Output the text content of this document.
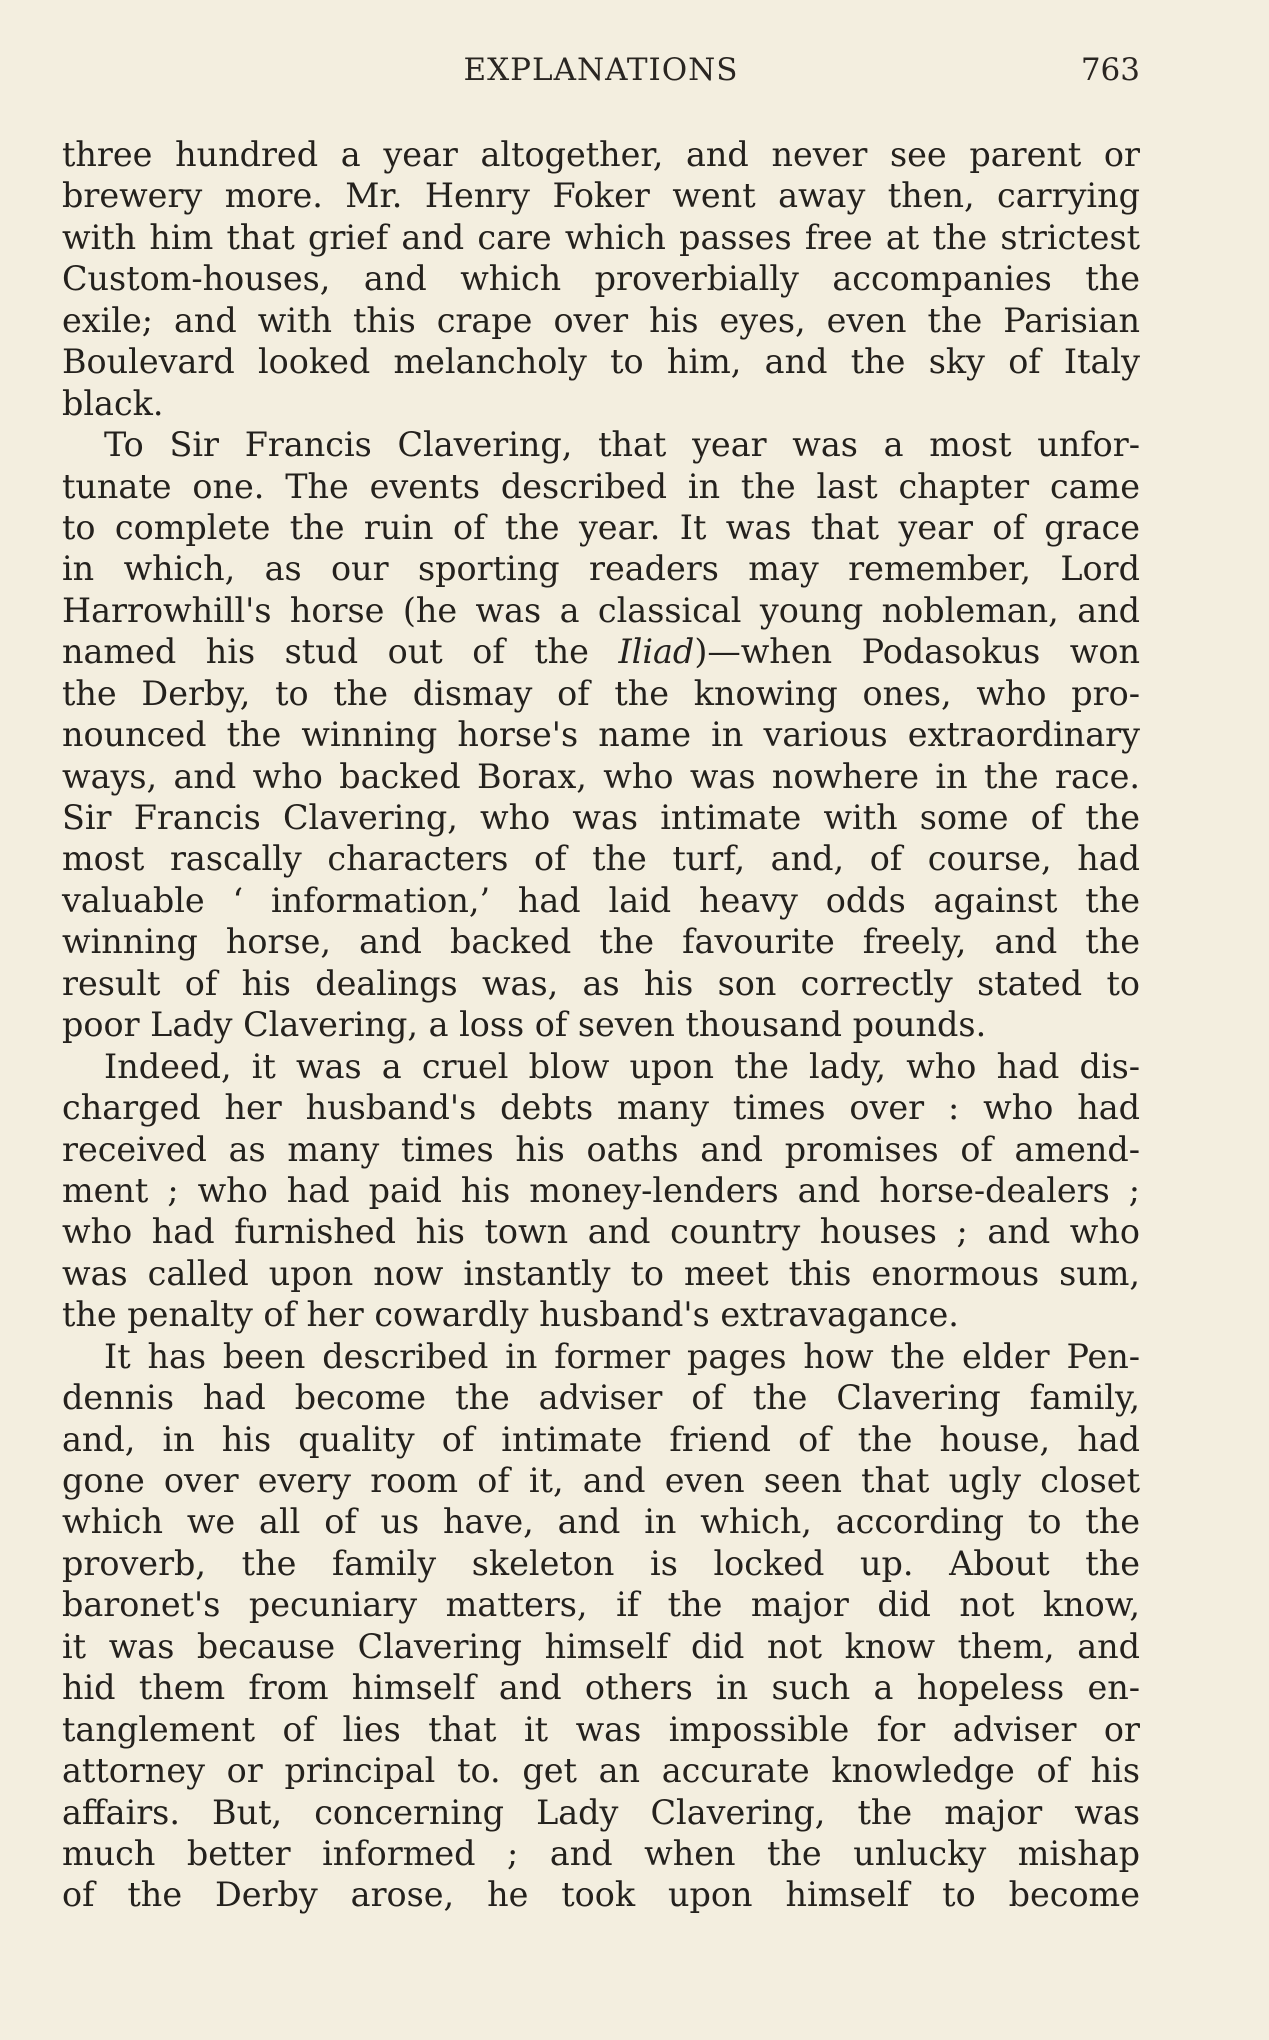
EXPLANATIONS	763
three hundred a year altogether, and never see parent or
brewery more. Mr. Henry Foker went away then, carrying
with him that grief and care which passes free at the strictest
Custom-houses, and which proverbially accompanies the
exile; and with this crape over his eyes, even the Parisian
Boulevard looked melancholy to him, and the sky of Italy
black.
To Sir Francis Clavering, that year was a most unfor-
tunate one. The events described in the last chapter came
to complete the ruin of the year. It was that year of grace
in which, as our sporting readers may remember, Lord
Harrowhill's horse (he was a classical young nobleman, and
named his stud out of the Iliad)—when Podasokus won
the Derby, to the dismay of the knowing ones, who pro-
nounced the winning horse's name in various extraordinary
ways, and who backed Borax, who was nowhere in the race.
Sir Francis Clavering, who was intimate with some of the
most rascally characters of the turf, and, of course, had
valuable ‘ information,’ had laid heavy odds against the
winning horse, and backed the favourite freely, and the
result of his dealings was, as his son correctly stated to
poor Lady Clavering, a loss of seven thousand pounds.
Indeed, it was a cruel blow upon the lady, who had dis-
charged her husband's debts many times over : who had
received as many times his oaths and promises of amend-
ment ; who had paid his money-lenders and horse-dealers ;
who had furnished his town and country houses ; and who
was called upon now instantly to meet this enormous sum,
the penalty of her cowardly husband's extravagance.
It has been described in former pages how the elder Pen-
dennis had become the adviser of the Clavering family,
and, in his quality of intimate friend of the house, had
gone over every room of it, and even seen that ugly closet
which we all of us have, and in which, according to the
proverb, the family skeleton is locked up. About the
baronet's pecuniary matters, if the major did not know,
it was because Clavering himself did not know them, and
hid them from himself and others in such a hopeless en-
tanglement of lies that it was impossible for adviser or
attorney or principal to. get an accurate knowledge of his
affairs. But, concerning Lady Clavering, the major was
much better informed ; and when the unlucky mishap
of the Derby arose, he took upon himself to become
